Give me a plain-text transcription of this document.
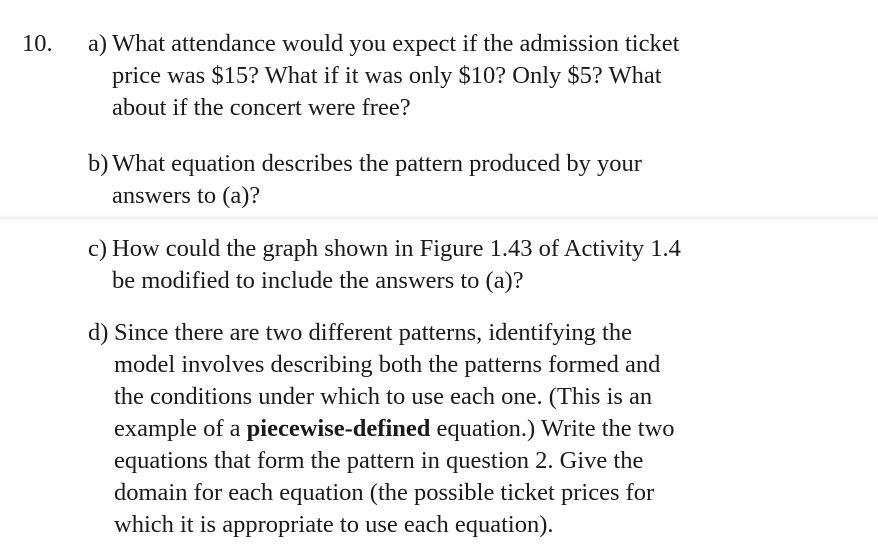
10. a) What attendance would you expect if the admission ticket
price was $15? What if it was only $10? Only $5? What
about if the concert were free?
b) What equation describes the pattern produced by your
answers to (a)?
c) How could the graph shown in Figure 1.43 of Activity 1.4
be modified to include the answers to (a)?
d) Since there are two different patterns, identifying the
model involves describing both the patterns formed and
the conditions under which to use each one. (This is an
example of a piecewise-defined equation.) Write the two
equations that form the pattern in question 2. Give the
domain for each equation (the possible ticket prices for
which it is appropriate to use each equation).
